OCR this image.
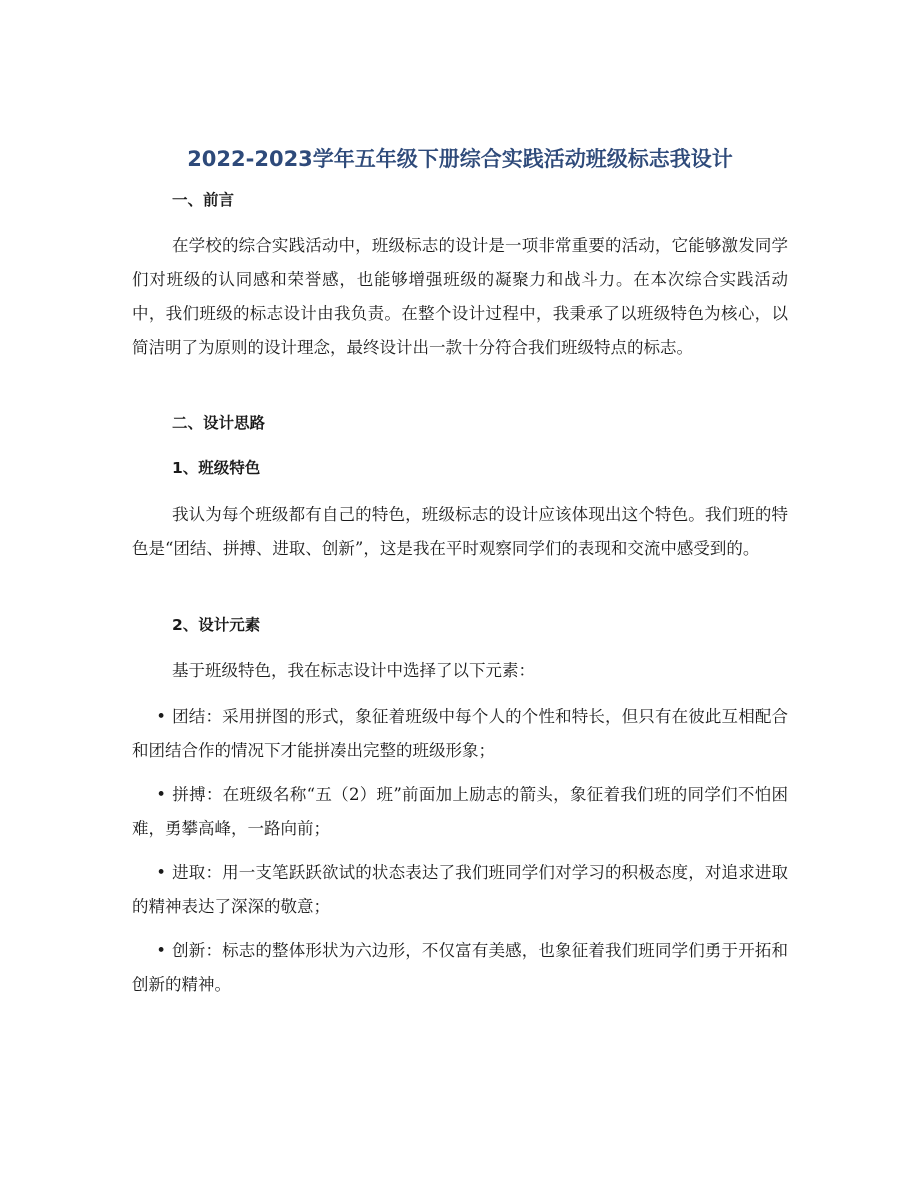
2022-2023学年五年级下册综合实践活动班级标志我设计
一、前言
在学校的综合实践活动中，班级标志的设计是一项非常重要的活动，它能够激发同学们对班级的认同感和荣誉感，也能够增强班级的凝聚力和战斗力。在本次综合实践活动中，我们班级的标志设计由我负责。在整个设计过程中，我秉承了以班级特色为核心，以简洁明了为原则的设计理念，最终设计出一款十分符合我们班级特点的标志。
二、设计思路
1、班级特色
我认为每个班级都有自己的特色，班级标志的设计应该体现出这个特色。我们班的特色是“团结、拼搏、进取、创新”，这是我在平时观察同学们的表现和交流中感受到的。
2、设计元素
基于班级特色，我在标志设计中选择了以下元素：
• 团结：采用拼图的形式，象征着班级中每个人的个性和特长，但只有在彼此互相配合和团结合作的情况下才能拼凑出完整的班级形象；
• 拼搏：在班级名称“五（2）班”前面加上励志的箭头，象征着我们班的同学们不怕困难，勇攀高峰，一路向前；
• 进取：用一支笔跃跃欲试的状态表达了我们班同学们对学习的积极态度，对追求进取的精神表达了深深的敬意；
• 创新：标志的整体形状为六边形，不仅富有美感，也象征着我们班同学们勇于开拓和创新的精神。
